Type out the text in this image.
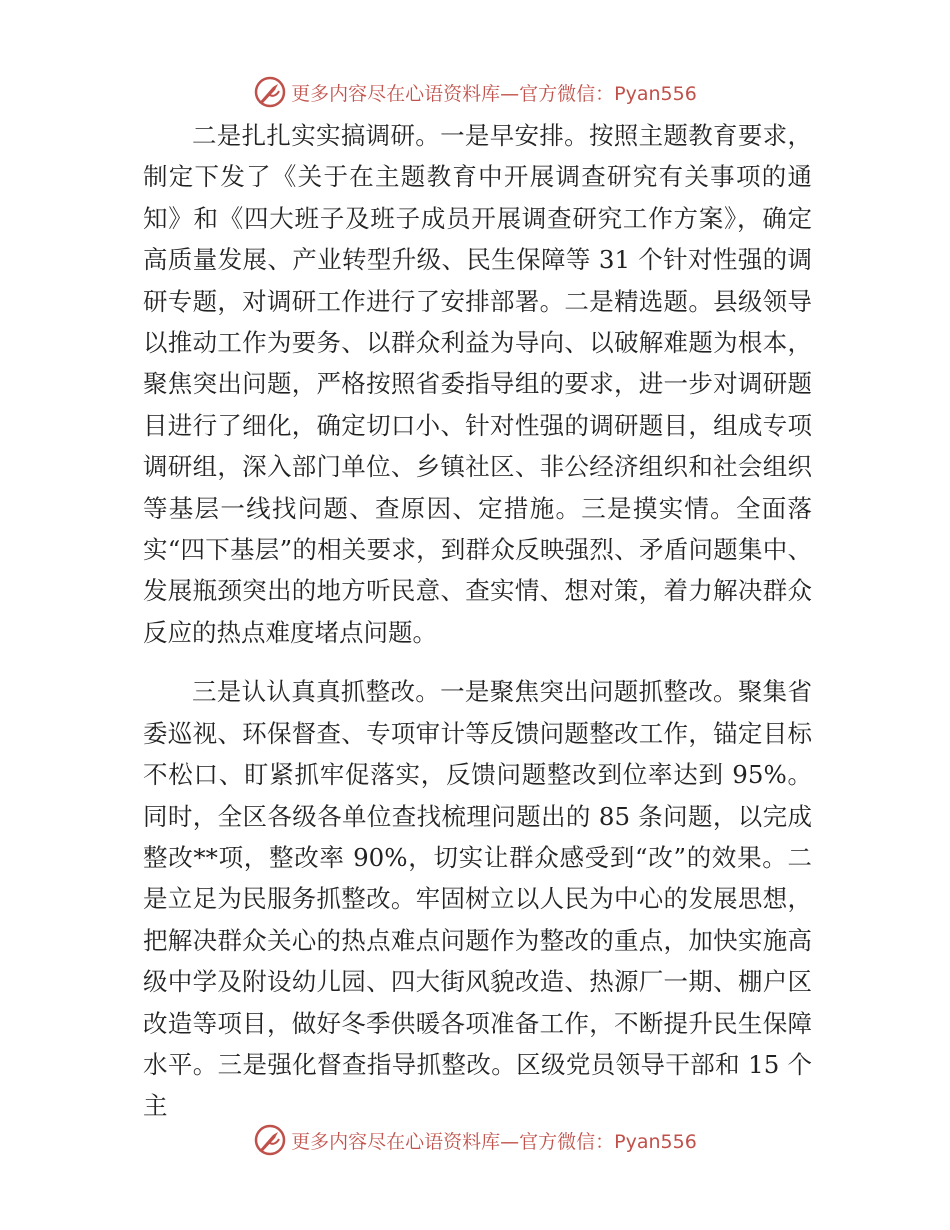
更多内容尽在心语资料库—官方微信：Pyan556

二是扎扎实实搞调研。一是早安排。按照主题教育要求，制定下发了《关于在主题教育中开展调查研究有关事项的通知》和《四大班子及班子成员开展调查研究工作方案》，确定高质量发展、产业转型升级、民生保障等 31 个针对性强的调研专题，对调研工作进行了安排部署。二是精选题。县级领导以推动工作为要务、以群众利益为导向、以破解难题为根本，聚焦突出问题，严格按照省委指导组的要求，进一步对调研题目进行了细化，确定切口小、针对性强的调研题目，组成专项调研组，深入部门单位、乡镇社区、非公经济组织和社会组织等基层一线找问题、查原因、定措施。三是摸实情。全面落实“四下基层”的相关要求，到群众反映强烈、矛盾问题集中、发展瓶颈突出的地方听民意、查实情、想对策，着力解决群众反应的热点难度堵点问题。

三是认认真真抓整改。一是聚焦突出问题抓整改。聚集省委巡视、环保督查、专项审计等反馈问题整改工作，锚定目标不松口、盯紧抓牢促落实，反馈问题整改到位率达到 95%。同时，全区各级各单位查找梳理问题出的 85 条问题，以完成整改**项，整改率 90%，切实让群众感受到“改”的效果。二是立足为民服务抓整改。牢固树立以人民为中心的发展思想，把解决群众关心的热点难点问题作为整改的重点，加快实施高级中学及附设幼儿园、四大街风貌改造、热源厂一期、棚户区改造等项目，做好冬季供暖各项准备工作，不断提升民生保障水平。三是强化督查指导抓整改。区级党员领导干部和 15 个主

更多内容尽在心语资料库—官方微信：Pyan556
